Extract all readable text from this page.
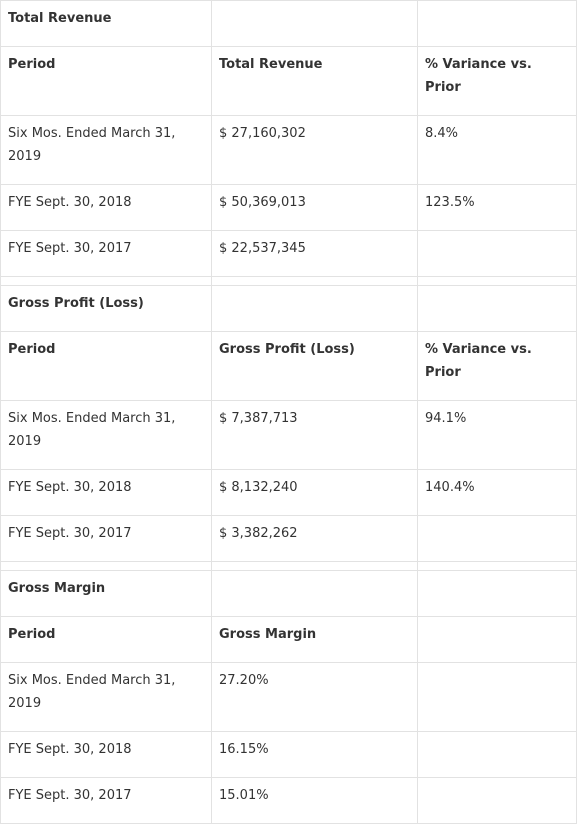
Total Revenue		
Period	Total Revenue	% Variance vs. Prior
Six Mos. Ended March 31, 2019	$ 27,160,302	8.4%
FYE Sept. 30, 2018	$ 50,369,013	123.5%
FYE Sept. 30, 2017	$ 22,537,345	

Gross Profit (Loss)		
Period	Gross Profit (Loss)	% Variance vs. Prior
Six Mos. Ended March 31, 2019	$ 7,387,713	94.1%
FYE Sept. 30, 2018	$ 8,132,240	140.4%
FYE Sept. 30, 2017	$ 3,382,262	

Gross Margin		
Period	Gross Margin	
Six Mos. Ended March 31, 2019	27.20%	
FYE Sept. 30, 2018	16.15%	
FYE Sept. 30, 2017	15.01%	
